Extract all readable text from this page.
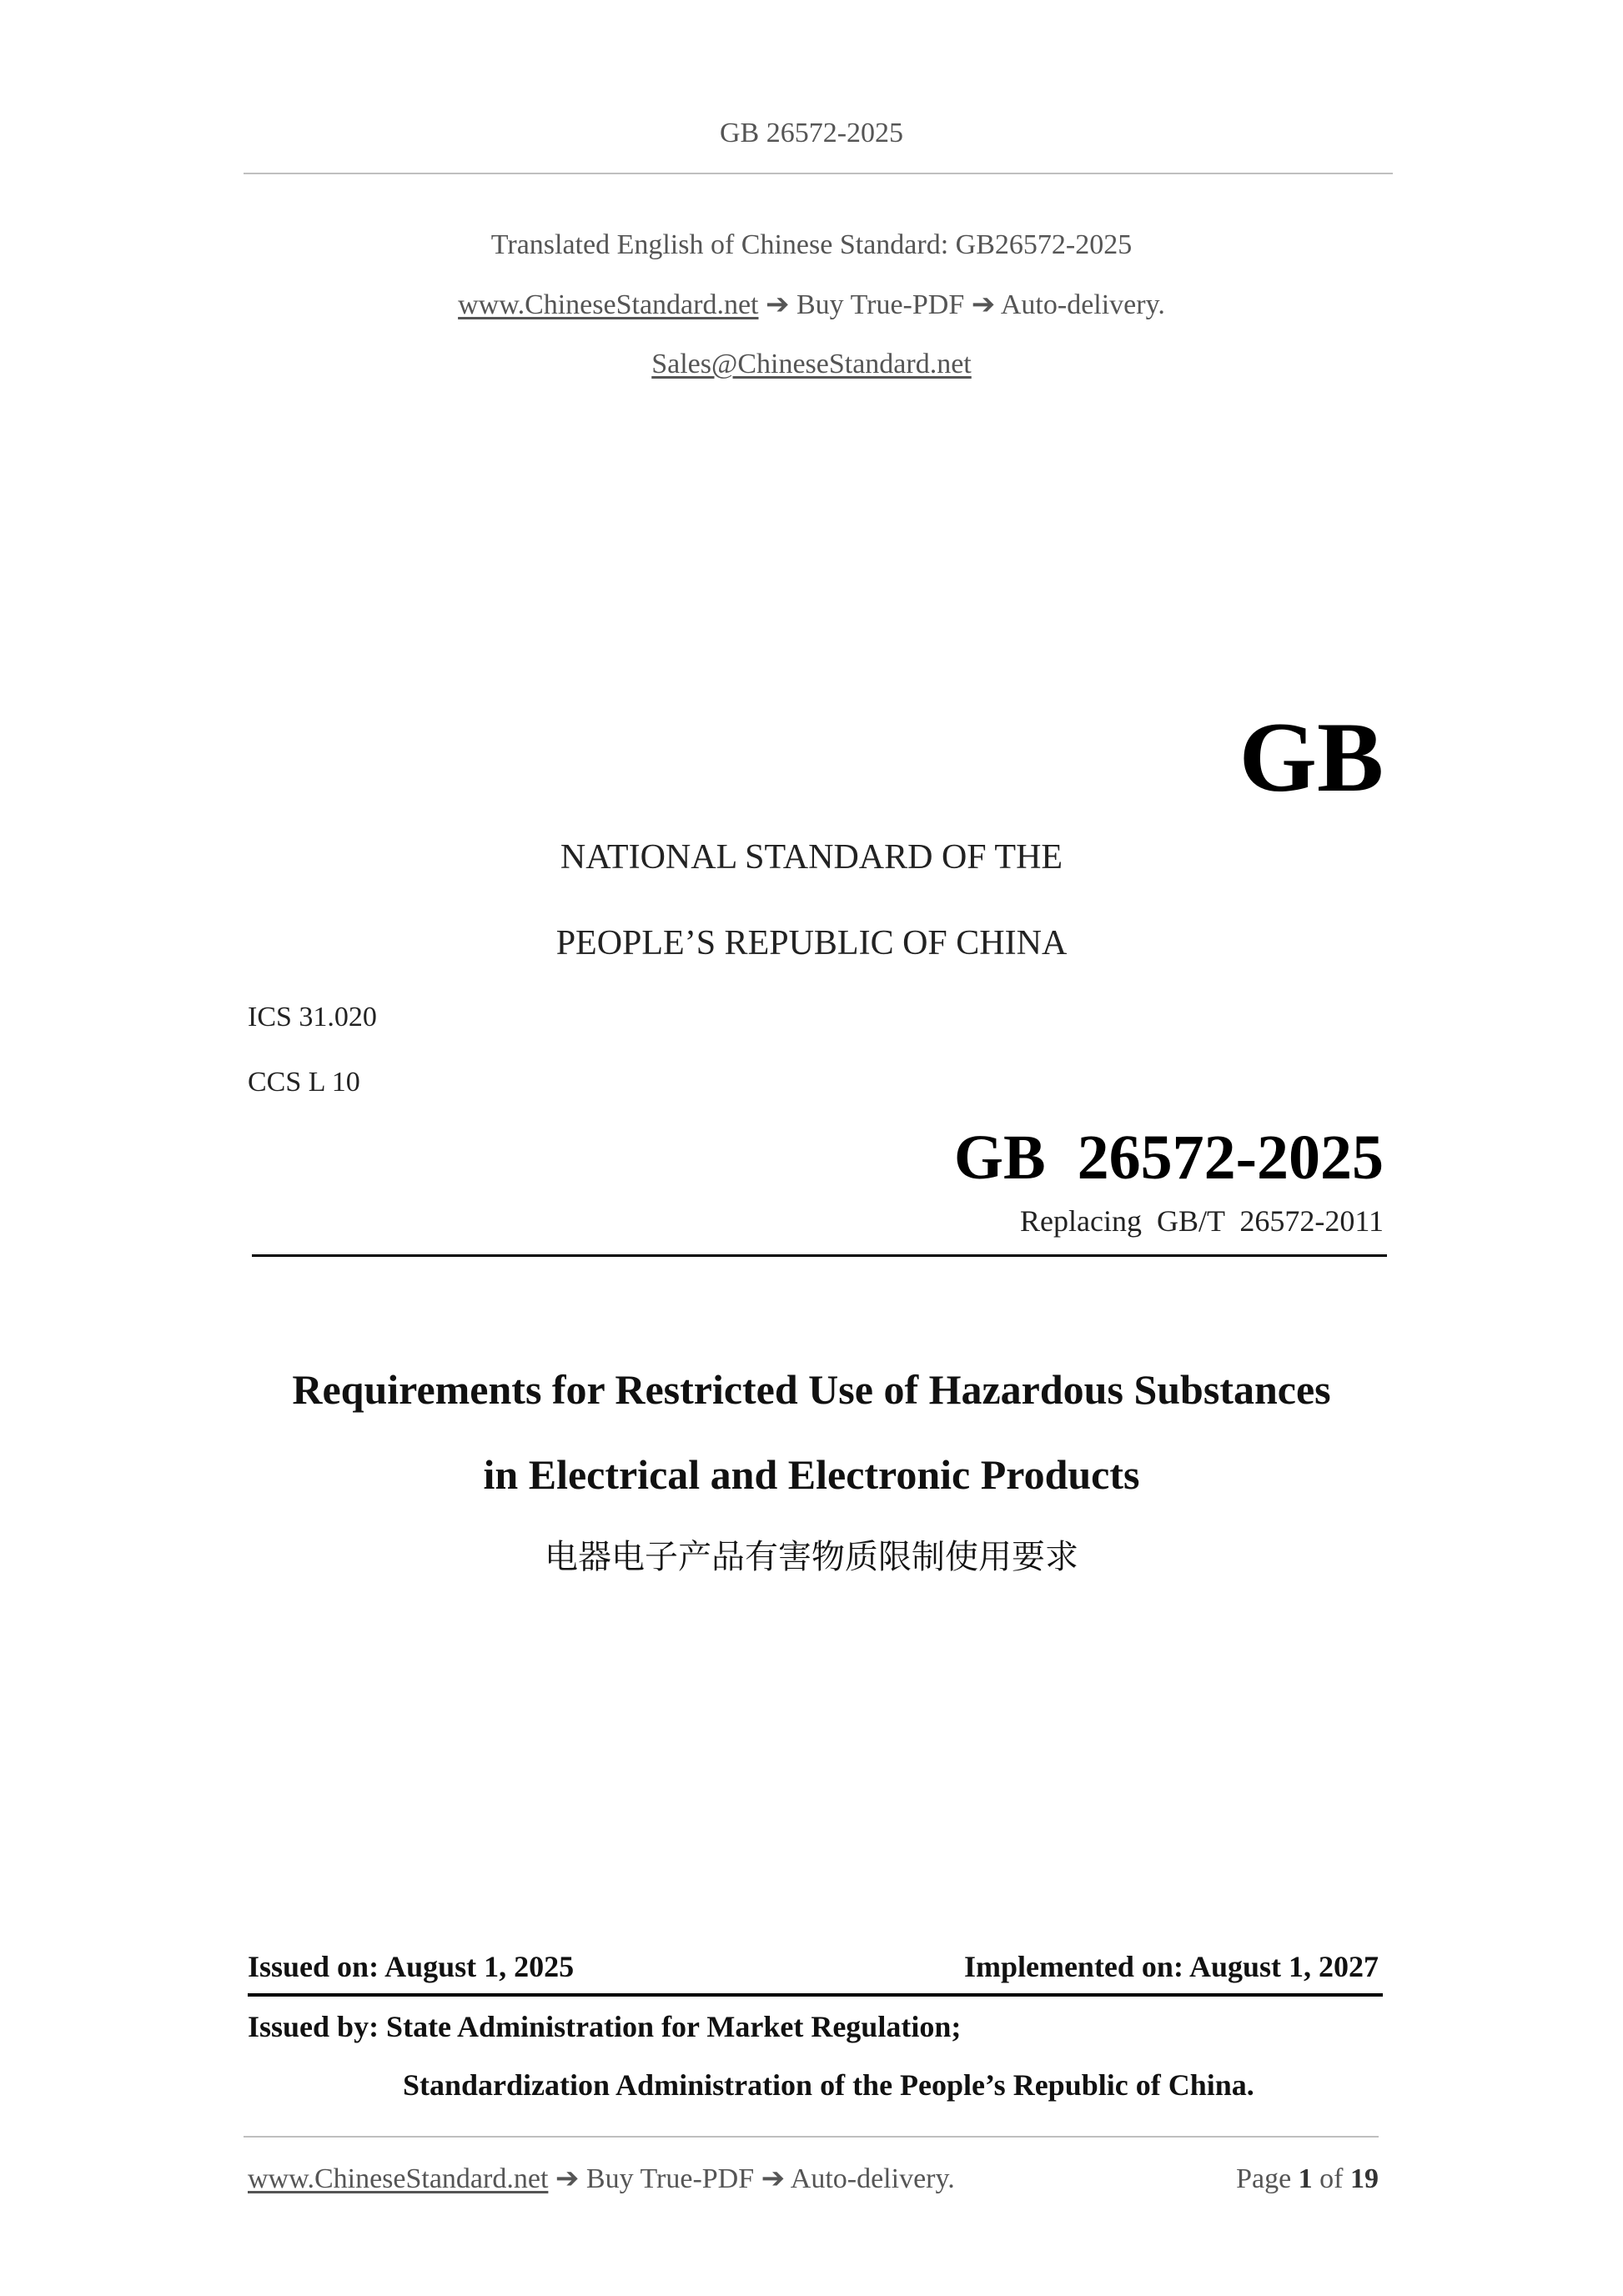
GB 26572-2025
Translated English of Chinese Standard: GB26572-2025
www.ChineseStandard.net ➔ Buy True-PDF ➔ Auto-delivery.
Sales@ChineseStandard.net
GB
NATIONAL STANDARD OF THE
PEOPLE’S REPUBLIC OF CHINA
ICS 31.020
CCS L 10
GB  26572-2025
Replacing  GB/T  26572-2011
Requirements for Restricted Use of Hazardous Substances
in Electrical and Electronic Products
电器电子产品有害物质限制使用要求
Issued on: August 1, 2025	Implemented on: August 1, 2027
Issued by: State Administration for Market Regulation;
Standardization Administration of the People’s Republic of China.
www.ChineseStandard.net ➔ Buy True-PDF ➔ Auto-delivery.	Page 1 of 19
